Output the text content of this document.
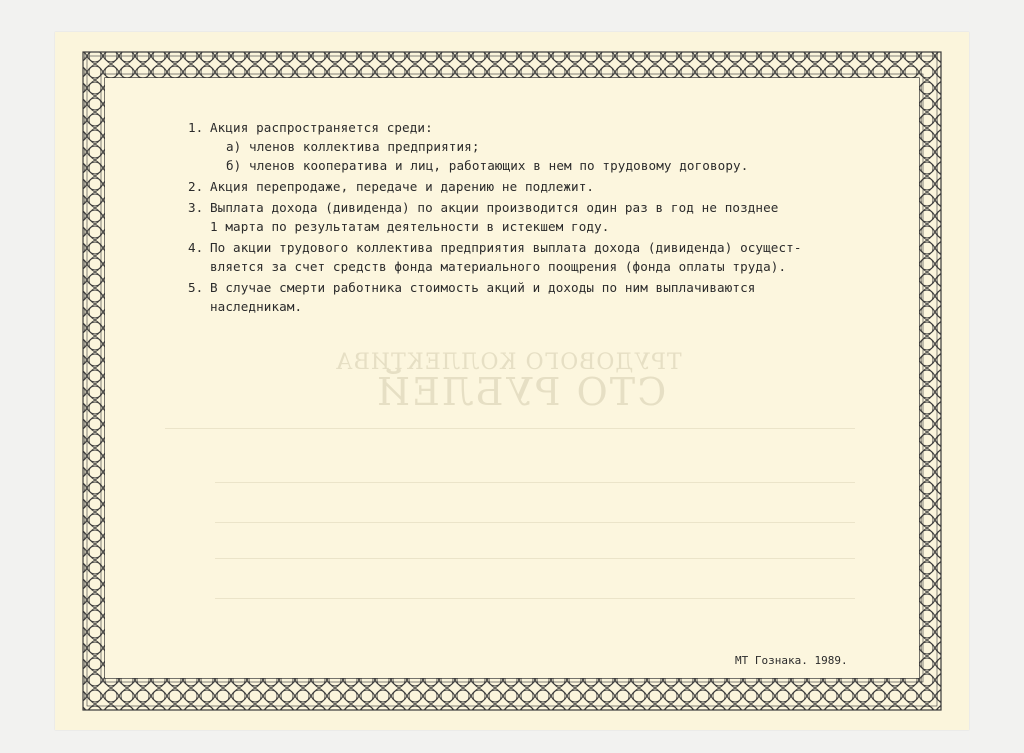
ТРУДОВОГО КОЛЛЕКТИВА
СТО РУБЛЕЙ
1. Акция распространяется среди:
а) членов коллектива предприятия;
б) членов кооператива и лиц, работающих в нем по трудовому договору.
2. Акция перепродаже, передаче и дарению не подлежит.
3. Выплата дохода (дивиденда) по акции производится один раз в год не позднее
1 марта по результатам деятельности в истекшем году.
4. По акции трудового коллектива предприятия выплата дохода (дивиденда) осущест-
вляется за счет средств фонда материального поощрения (фонда оплаты труда).
5. В случае смерти работника стоимость акций и доходы по ним выплачиваются
наследникам.
МТ Гознака. 1989.
